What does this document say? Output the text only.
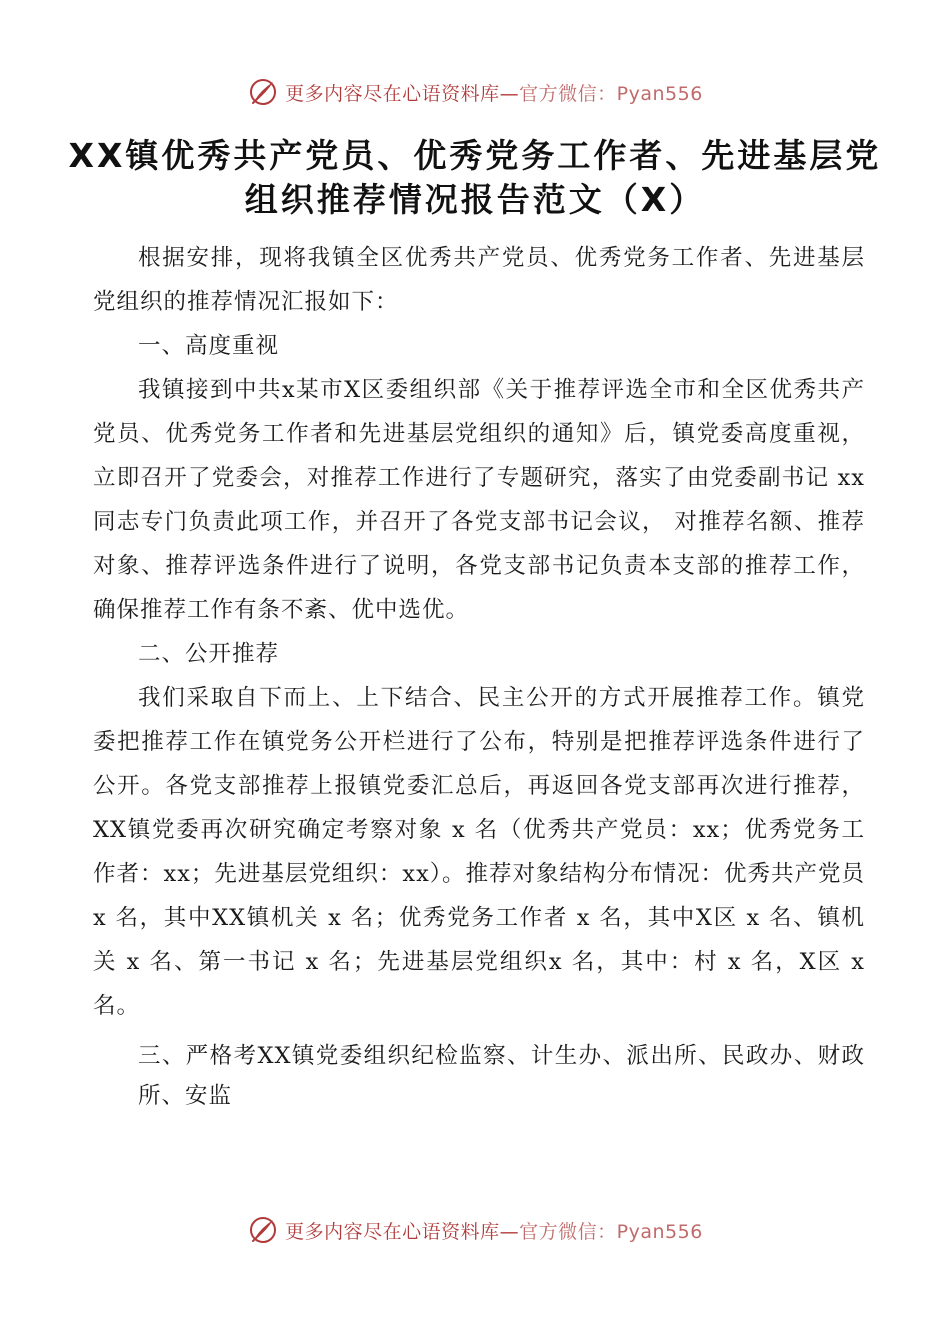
更多内容尽在心语资料库—官方微信：Pyan556
XX镇优秀共产党员、优秀党务工作者、先进基层党
组织推荐情况报告范文（X）

根据安排，现将我镇全区优秀共产党员、优秀党务工作者、先进基层党组织的推荐情况汇报如下：

一、高度重视

我镇接到中共x某市X区委组织部《关于推荐评选全市和全区优秀共产党员、优秀党务工作者和先进基层党组织的通知》后，镇党委高度重视，立即召开了党委会，对推荐工作进行了专题研究，落实了由党委副书记 xx 同志专门负责此项工作，并召开了各党支部书记会议， 对推荐名额、推荐对象、推荐评选条件进行了说明，各党支部书记负责本支部的推荐工作，确保推荐工作有条不紊、优中选优。

二、公开推荐

我们采取自下而上、上下结合、民主公开的方式开展推荐工作。镇党委把推荐工作在镇党务公开栏进行了公布，特别是把推荐评选条件进行了公开。各党支部推荐上报镇党委汇总后，再返回各党支部再次进行推荐，XX镇党委再次研究确定考察对象 x 名（优秀共产党员：xx；优秀党务工作者：xx；先进基层党组织：xx）。推荐对象结构分布情况：优秀共产党员 x 名，其中XX镇机关 x 名；优秀党务工作者 x 名，其中X区 x 名、镇机关 x 名、第一书记 x 名；先进基层党组织x 名，其中：村 x 名，X区 x 名。

三、严格考XX镇党委组织纪检监察、计生办、派出所、民政办、财政所、安监

更多内容尽在心语资料库—官方微信：Pyan556
